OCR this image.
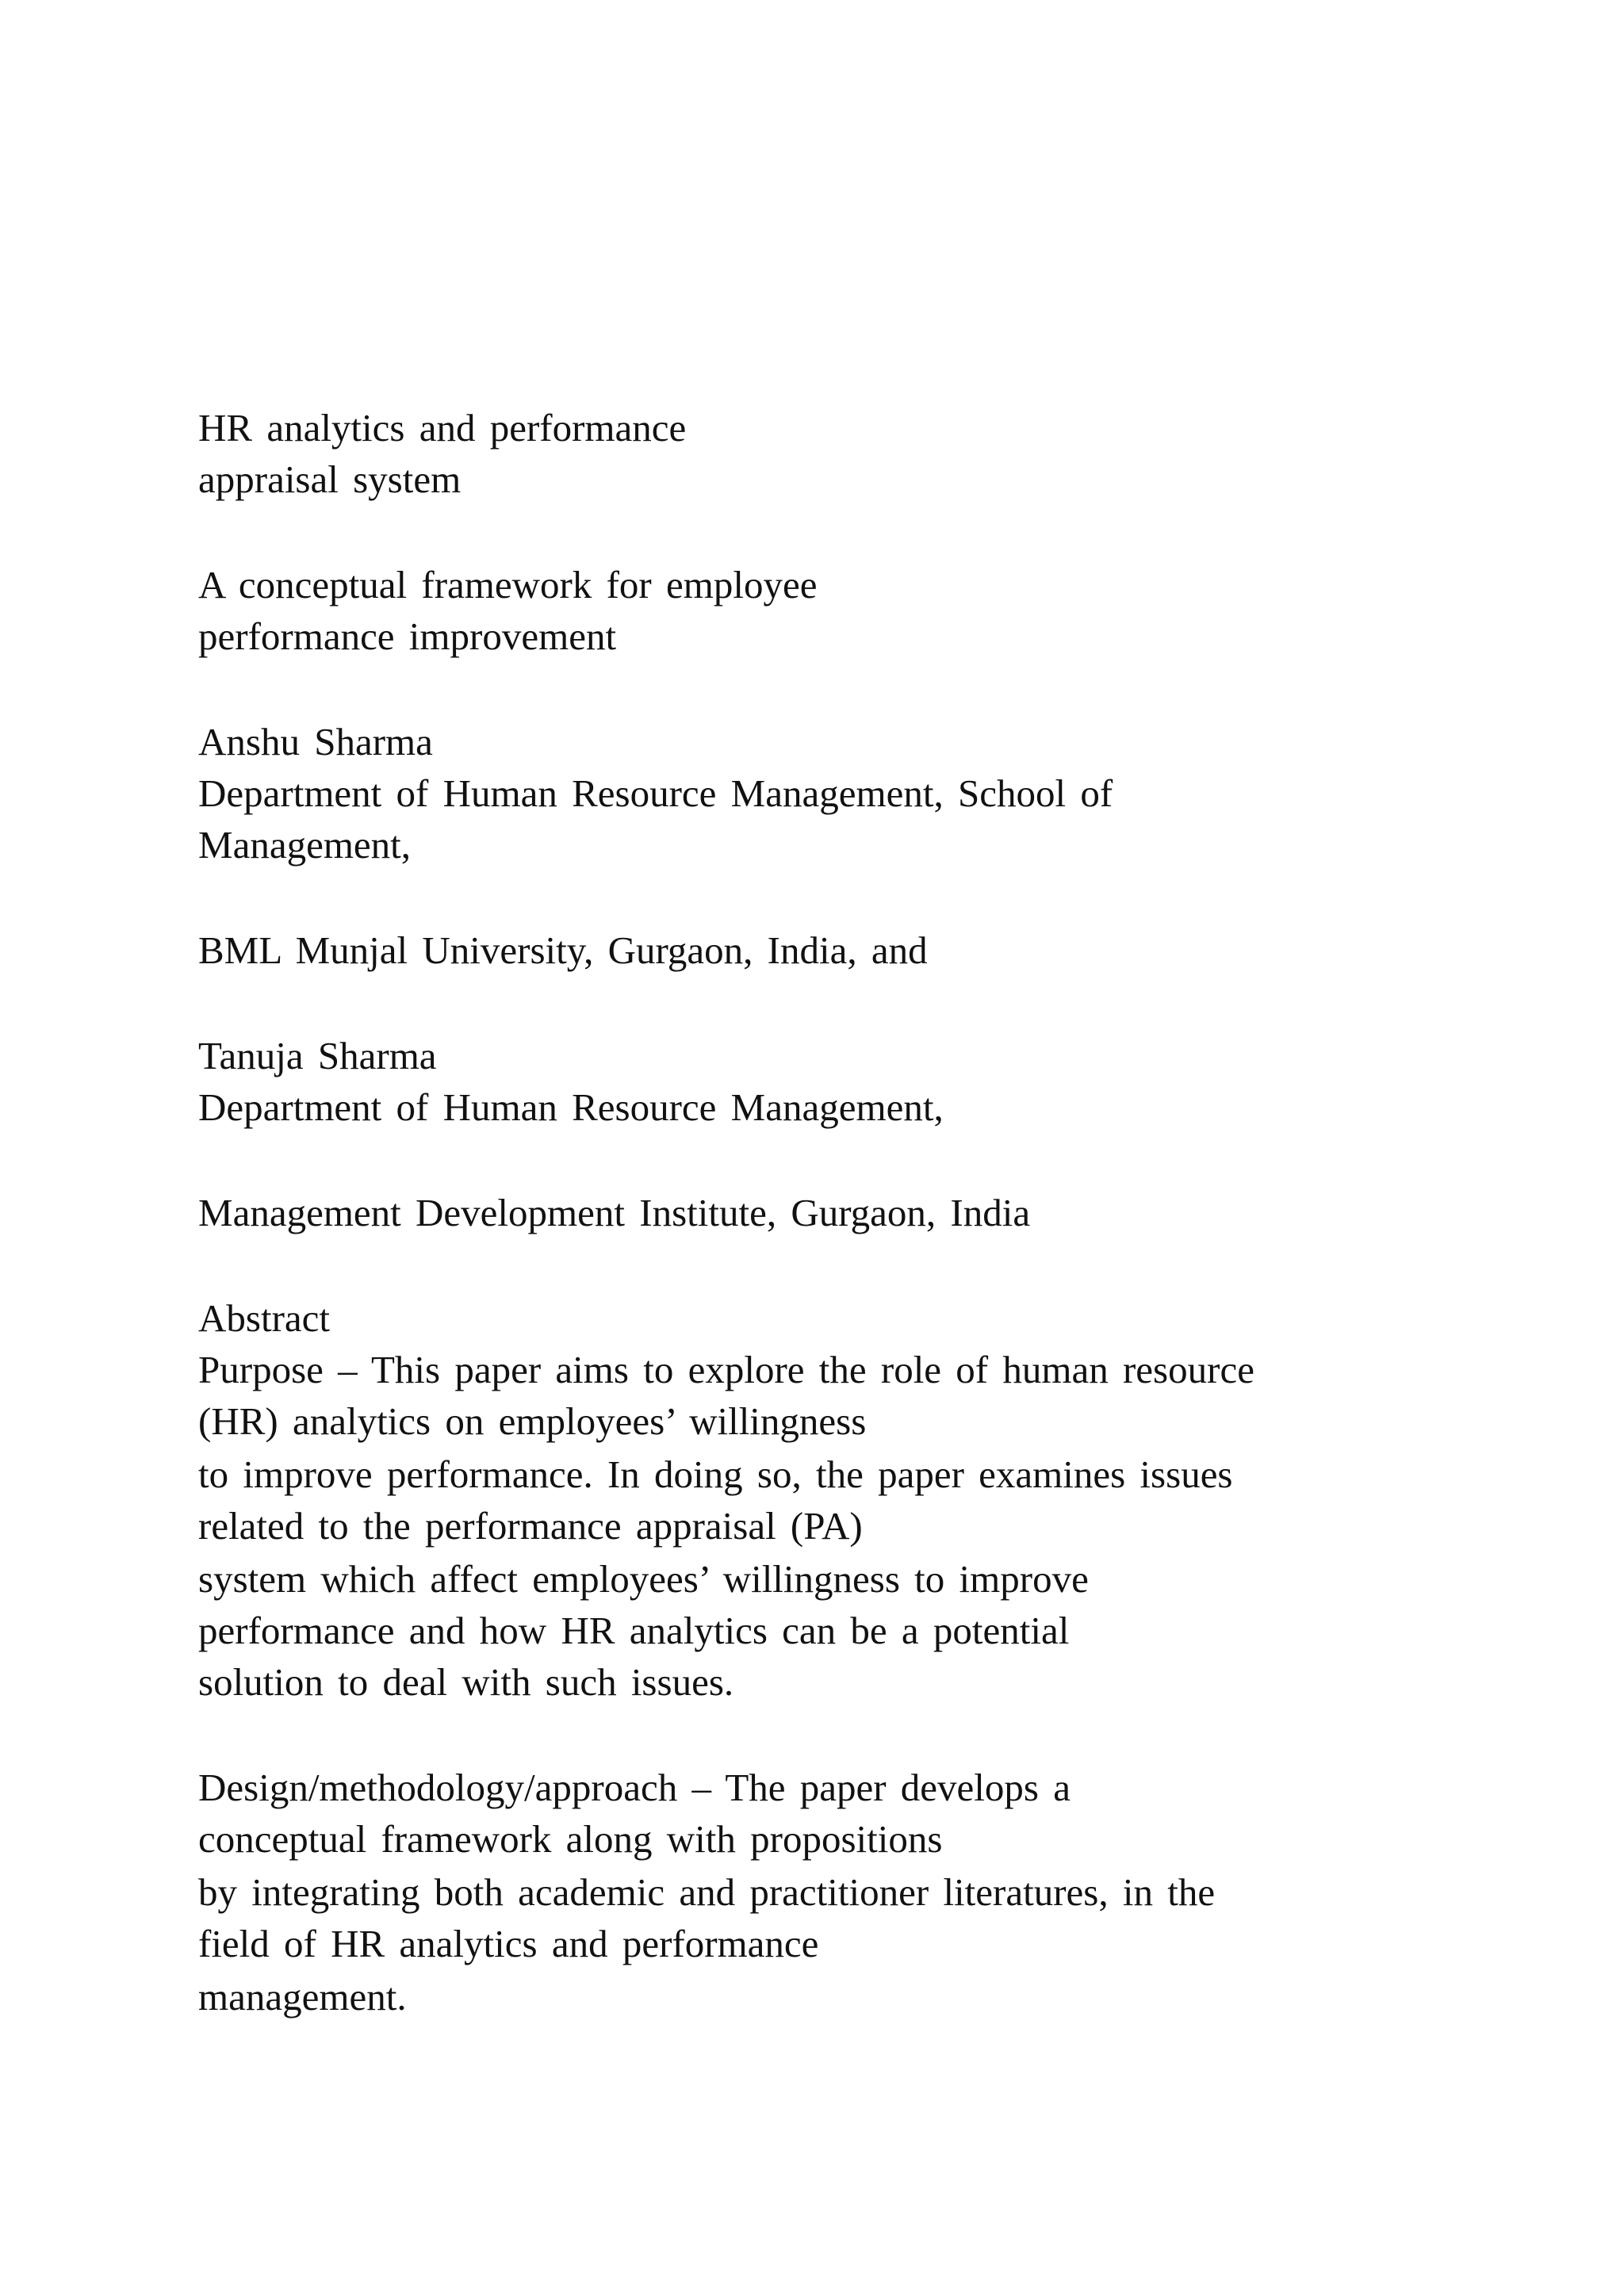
HR analytics and performance

appraisal system

A conceptual framework for employee

performance improvement

Anshu Sharma

Department of Human Resource Management, School of

Management,

BML Munjal University, Gurgaon, India, and

Tanuja Sharma

Department of Human Resource Management,

Management Development Institute, Gurgaon, India

Abstract

Purpose – This paper aims to explore the role of human resource

(HR) analytics on employees’ willingness

to improve performance. In doing so, the paper examines issues

related to the performance appraisal (PA)

system which affect employees’ willingness to improve

performance and how HR analytics can be a potential

solution to deal with such issues.

Design/methodology/approach – The paper develops a

conceptual framework along with propositions

by integrating both academic and practitioner literatures, in the

field of HR analytics and performance

management.
